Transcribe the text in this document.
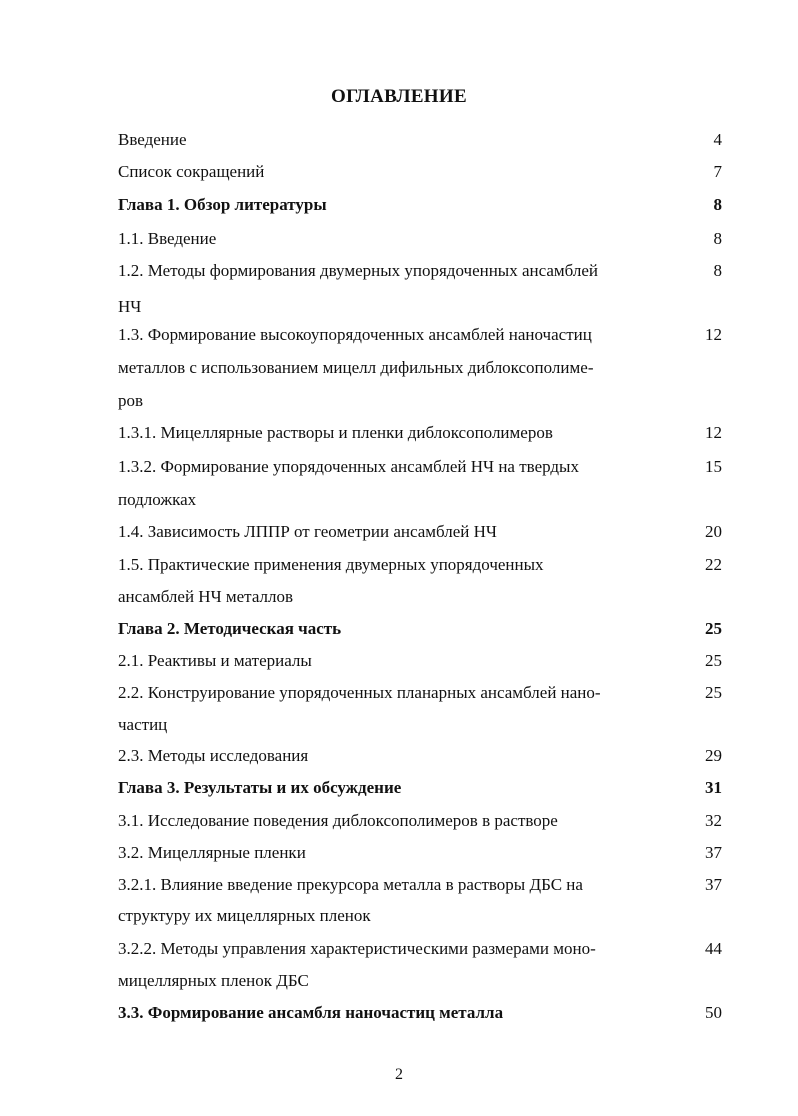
ОГЛАВЛЕНИЕ
Введение	4
Список сокращений	7
Глава 1. Обзор литературы	8
1.1. Введение	8
1.2. Методы формирования двумерных упорядоченных ансамблей	8
НЧ
1.3. Формирование высокоупорядоченных ансамблей наночастиц	12
металлов с использованием мицелл дифильных диблоксополиме-
ров
1.3.1. Мицеллярные растворы и пленки диблоксополимеров	12
1.3.2. Формирование упорядоченных ансамблей НЧ на твердых	15
подложках
1.4. Зависимость ЛППР от геометрии ансамблей НЧ	20
1.5. Практические применения двумерных упорядоченных	22
ансамблей НЧ металлов
Глава 2. Методическая часть	25
2.1. Реактивы и материалы	25
2.2. Конструирование упорядоченных планарных ансамблей нано-	25
частиц
2.3. Методы исследования	29
Глава 3. Результаты и их обсуждение	31
3.1. Исследование поведения диблоксополимеров в растворе	32
3.2. Мицеллярные пленки	37
3.2.1. Влияние введение прекурсора металла в растворы ДБС на	37
структуру их мицеллярных пленок
3.2.2. Методы управления характеристическими размерами моно-	44
мицеллярных пленок ДБС
3.3. Формирование ансамбля наночастиц металла	50
2
